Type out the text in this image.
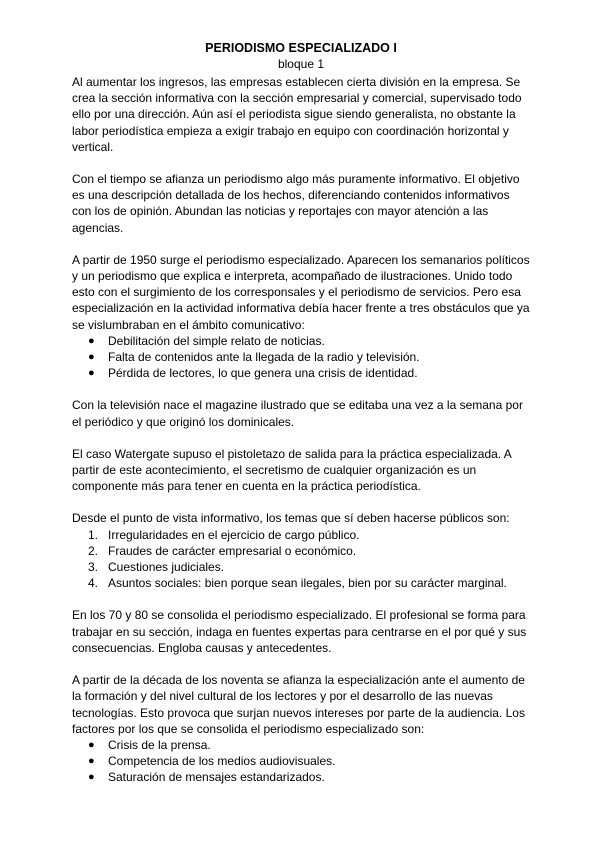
PERIODISMO ESPECIALIZADO I
bloque 1

Al aumentar los ingresos, las empresas establecen cierta división en la empresa. Se crea la sección informativa con la sección empresarial y comercial, supervisado todo ello por una dirección. Aún así el periodista sigue siendo generalista, no obstante la labor periodística empieza a exigir trabajo en equipo con coordinación horizontal y vertical.

Con el tiempo se afianza un periodismo algo más puramente informativo. El objetivo es una descripción detallada de los hechos, diferenciando contenidos informativos con los de opinión. Abundan las noticias y reportajes con mayor atención a las agencias.

A partir de 1950 surge el periodismo especializado. Aparecen los semanarios políticos y un periodismo que explica e interpreta, acompañado de ilustraciones. Unido todo esto con el surgimiento de los corresponsales y el periodismo de servicios. Pero esa especialización en la actividad informativa debía hacer frente a tres obstáculos que ya se vislumbraban en el ámbito comunicativo:

●	Debilitación del simple relato de noticias.
●	Falta de contenidos ante la llegada de la radio y televisión.
●	Pérdida de lectores, lo que genera una crisis de identidad.

Con la televisión nace el magazine ilustrado que se editaba una vez a la semana por el periódico y que originó los dominicales.

El caso Watergate supuso el pistoletazo de salida para la práctica especializada. A partir de este acontecimiento, el secretismo de cualquier organización es un componente más para tener en cuenta en la práctica periodística.

Desde el punto de vista informativo, los temas que sí deben hacerse públicos son:

1. Irregularidades en el ejercicio de cargo público.
2. Fraudes de carácter empresarial o económico.
3. Cuestiones judiciales.
4. Asuntos sociales: bien porque sean ilegales, bien por su carácter marginal.

En los 70 y 80 se consolida el periodismo especializado. El profesional se forma para trabajar en su sección, indaga en fuentes expertas para centrarse en el por qué y sus consecuencias. Engloba causas y antecedentes.

A partir de la década de los noventa se afianza la especialización ante el aumento de la formación y del nivel cultural de los lectores y por el desarrollo de las nuevas tecnologías. Esto provoca que surjan nuevos intereses por parte de la audiencia. Los factores por los que se consolida el periodismo especializado son:

●	Crisis de la prensa.
●	Competencia de los medios audiovisuales.
●	Saturación de mensajes estandarizados.
